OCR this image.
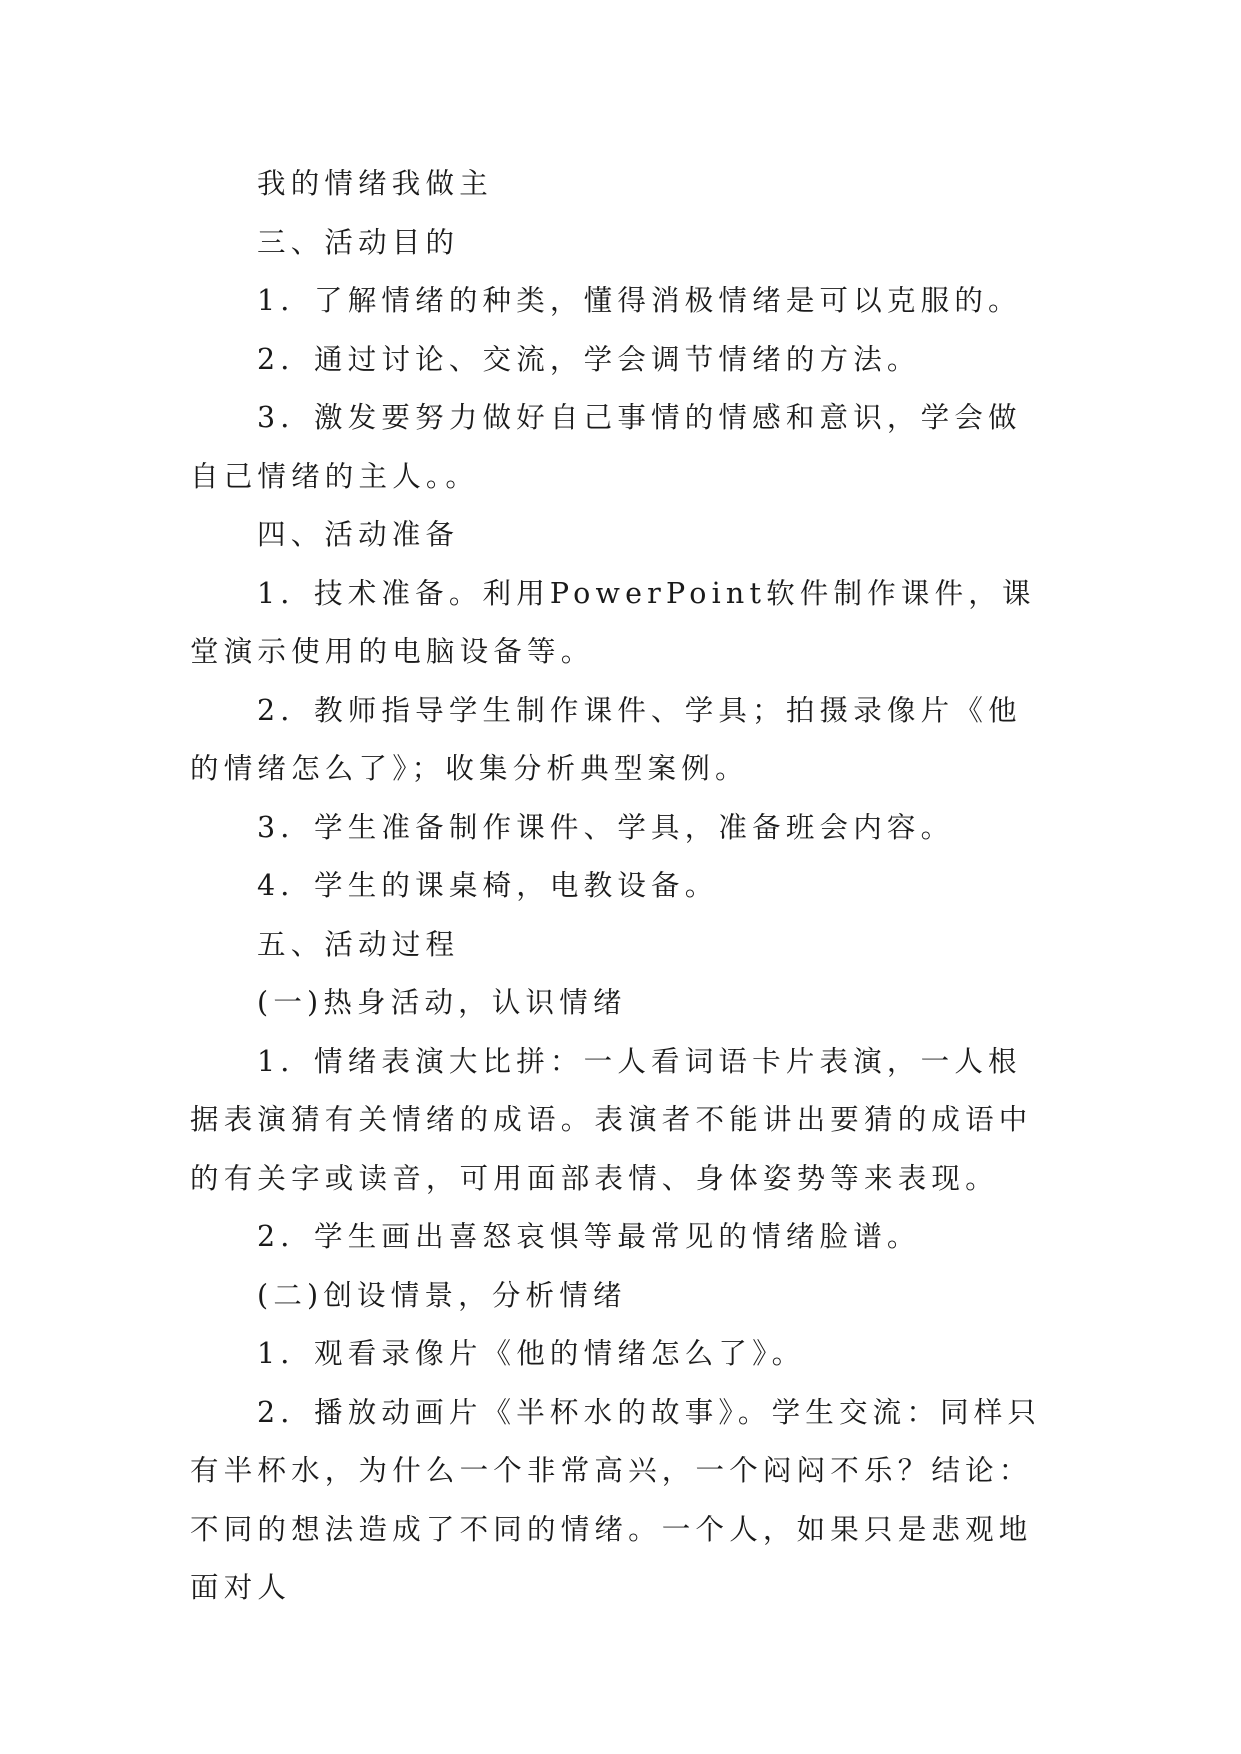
我的情绪我做主

三、活动目的

1．了解情绪的种类，懂得消极情绪是可以克服的。

2．通过讨论、交流，学会调节情绪的方法。

3．激发要努力做好自己事情的情感和意识，学会做自己情绪的主人。。

四、活动准备

1．技术准备。利用PowerPoint软件制作课件，课堂演示使用的电脑设备等。

2．教师指导学生制作课件、学具；拍摄录像片《他的情绪怎么了》；收集分析典型案例。

3．学生准备制作课件、学具，准备班会内容。

4．学生的课桌椅，电教设备。

五、活动过程

(一)热身活动，认识情绪

1．情绪表演大比拼：一人看词语卡片表演，一人根据表演猜有关情绪的成语。表演者不能讲出要猜的成语中的有关字或读音，可用面部表情、身体姿势等来表现。

2．学生画出喜怒哀惧等最常见的情绪脸谱。

(二)创设情景，分析情绪

1．观看录像片《他的情绪怎么了》。

2．播放动画片《半杯水的故事》。学生交流：同样只有半杯水，为什么一个非常高兴，一个闷闷不乐？结论：不同的想法造成了不同的情绪。一个人，如果只是悲观地面对人
